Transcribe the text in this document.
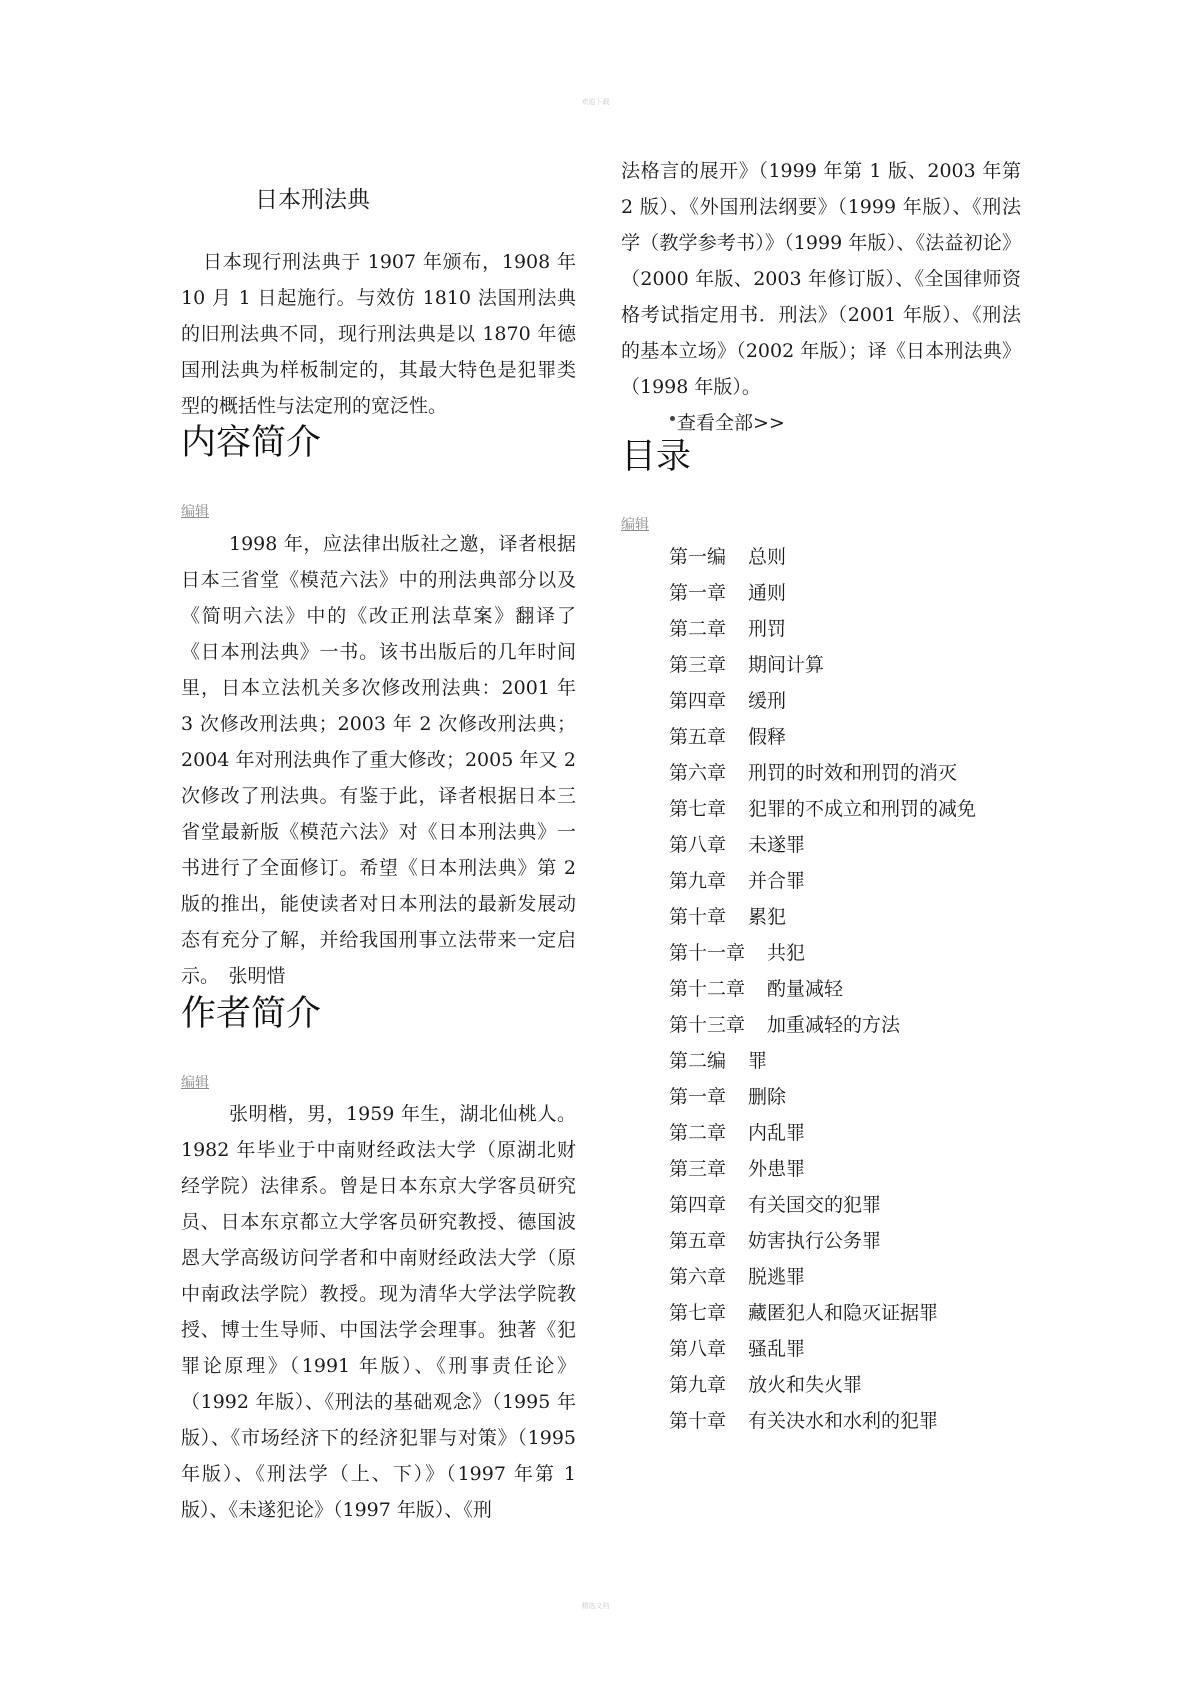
欢迎下载

日本刑法典

日本现行刑法典于 1907 年颁布，1908 年 10 月 1 日起施行。与效仿 1810 法国刑法典的旧刑法典不同，现行刑法典是以 1870 年德国刑法典为样板制定的，其最大特色是犯罪类型的概括性与法定刑的宽泛性。

内容简介

编辑

1998 年，应法律出版社之邀，译者根据日本三省堂《模范六法》中的刑法典部分以及《简明六法》中的《改正刑法草案》翻译了《日本刑法典》一书。该书出版后的几年时间里，日本立法机关多次修改刑法典：2001 年 3 次修改刑法典；2003 年 2 次修改刑法典；2004 年对刑法典作了重大修改；2005 年又 2 次修改了刑法典。有鉴于此，译者根据日本三省堂最新版《模范六法》对《日本刑法典》一书进行了全面修订。希望《日本刑法典》第 2 版的推出，能使读者对日本刑法的最新发展动态有充分了解，并给我国刑事立法带来一定启示。　张明惜

作者简介

编辑

张明楷，男，1959 年生，湖北仙桃人。1982 年毕业于中南财经政法大学（原湖北财经学院）法律系。曾是日本东京大学客员研究员、日本东京都立大学客员研究教授、德国波恩大学高级访问学者和中南财经政法大学（原中南政法学院）教授。现为清华大学法学院教授、博士生导师、中国法学会理事。独著《犯罪论原理》（1991 年版）、《刑事责任论》（1992 年版）、《刑法的基础观念》（1995 年版）、《市场经济下的经济犯罪与对策》（1995 年版）、《刑法学（上、下）》（1997 年第 1 版）、《未遂犯论》（1997 年版）、《刑

法格言的展开》（1999 年第 1 版、2003 年第 2 版）、《外国刑法纲要》（1999 年版）、《刑法学（教学参考书）》（1999 年版）、《法益初论》（2000 年版、2003 年修订版）、《全国律师资格考试指定用书．刑法》（2001 年版）、《刑法的基本立场》（2002 年版）；译《日本刑法典》（1998 年版）。

查看全部>>
目录

编辑

第一编 总则
第一章 通则
第二章 刑罚
第三章 期间计算
第四章 缓刑
第五章 假释
第六章 刑罚的时效和刑罚的消灭
第七章 犯罪的不成立和刑罚的减免
第八章 未遂罪
第九章 并合罪
第十章 累犯
第十一章 共犯
第十二章 酌量减轻
第十三章 加重减轻的方法
第二编 罪
第一章 删除
第二章 内乱罪
第三章 外患罪
第四章 有关国交的犯罪
第五章 妨害执行公务罪
第六章 脱逃罪
第七章 藏匿犯人和隐灭证据罪
第八章 骚乱罪
第九章 放火和失火罪
第十章 有关决水和水利的犯罪
精选文档
